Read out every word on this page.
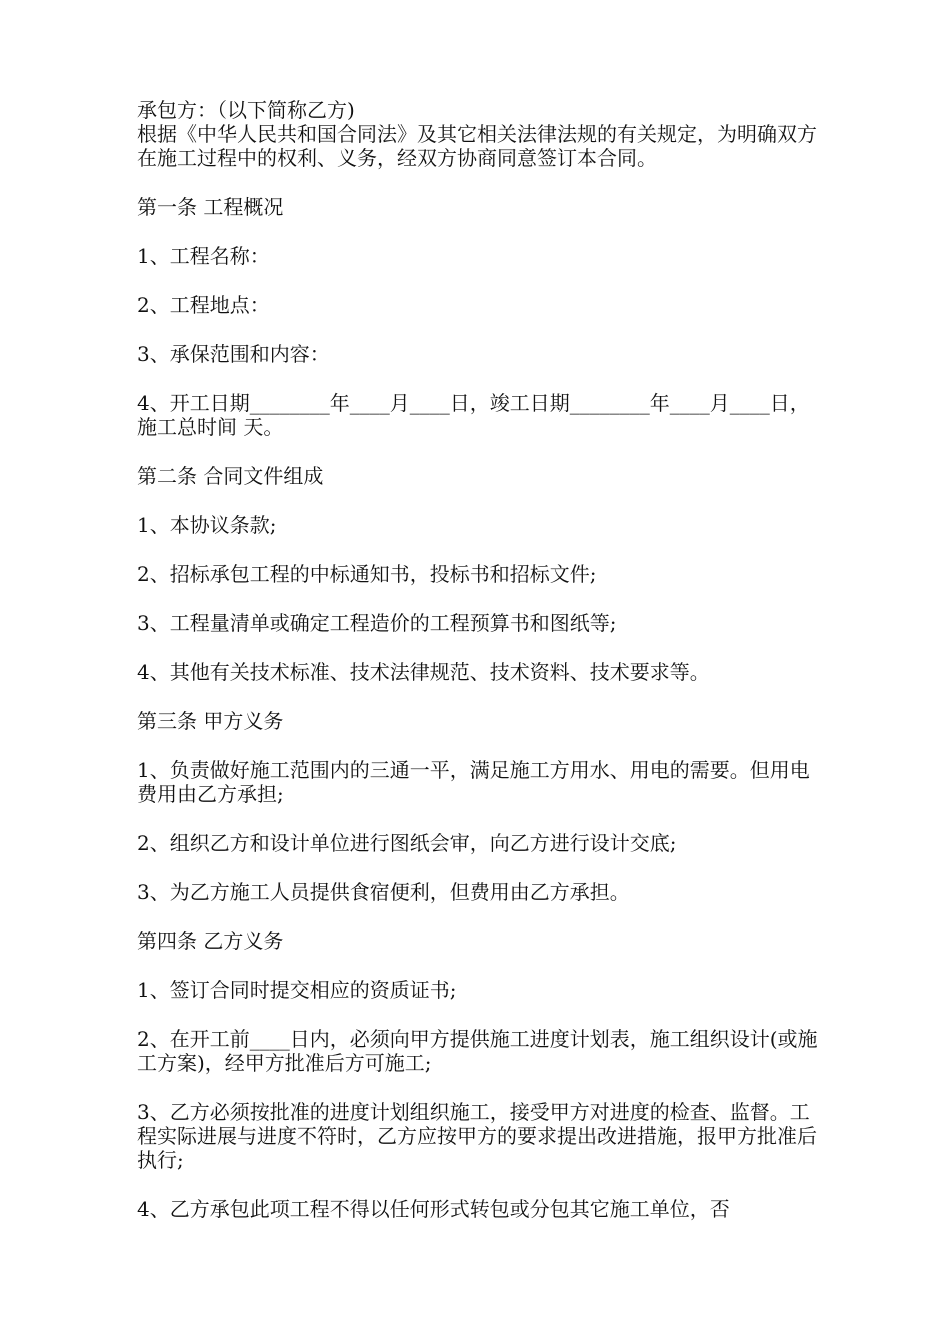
承包方：（以下简称乙方)

根据《中华人民共和国合同法》及其它相关法律法规的有关规定，为明确双方在施工过程中的权利、义务，经双方协商同意签订本合同。

第一条 工程概况

1、工程名称：

2、工程地点：

3、承保范围和内容：

4、开工日期________年____月____日，竣工日期________年____月____日，施工总时间 天。

第二条 合同文件组成

1、本协议条款;

2、招标承包工程的中标通知书，投标书和招标文件;

3、工程量清单或确定工程造价的工程预算书和图纸等;

4、其他有关技术标准、技术法律规范、技术资料、技术要求等。

第三条 甲方义务

1、负责做好施工范围内的三通一平，满足施工方用水、用电的需要。但用电费用由乙方承担;

2、组织乙方和设计单位进行图纸会审，向乙方进行设计交底;

3、为乙方施工人员提供食宿便利，但费用由乙方承担。

第四条 乙方义务

1、签订合同时提交相应的资质证书;

2、在开工前____日内，必须向甲方提供施工进度计划表，施工组织设计(或施工方案)，经甲方批准后方可施工;

3、乙方必须按批准的进度计划组织施工，接受甲方对进度的检查、监督。工程实际进展与进度不符时，乙方应按甲方的要求提出改进措施，报甲方批准后执行;

4、乙方承包此项工程不得以任何形式转包或分包其它施工单位，否
